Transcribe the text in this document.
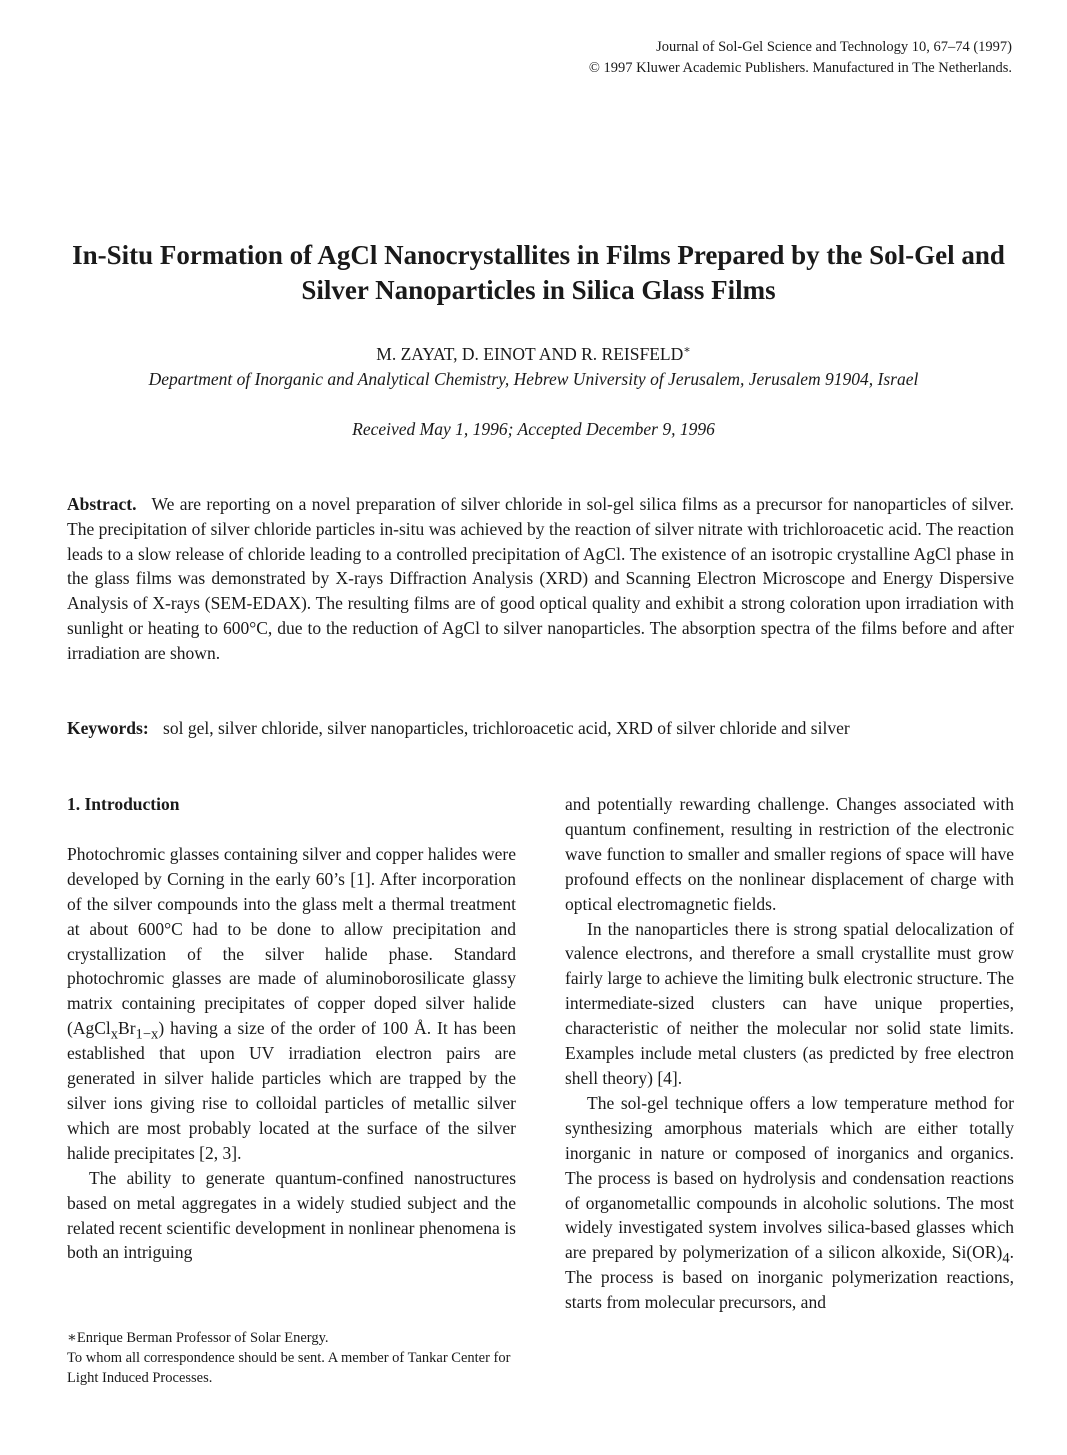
Journal of Sol-Gel Science and Technology 10, 67–74 (1997)
© 1997 Kluwer Academic Publishers. Manufactured in The Netherlands.
In-Situ Formation of AgCl Nanocrystallites in Films Prepared by the Sol-Gel and Silver Nanoparticles in Silica Glass Films
M. ZAYAT, D. EINOT AND R. REISFELD∗
Department of Inorganic and Analytical Chemistry, Hebrew University of Jerusalem, Jerusalem 91904, Israel
Received May 1, 1996; Accepted December 9, 1996
Abstract. We are reporting on a novel preparation of silver chloride in sol-gel silica films as a precursor for nanoparticles of silver. The precipitation of silver chloride particles in-situ was achieved by the reaction of silver nitrate with trichloroacetic acid. The reaction leads to a slow release of chloride leading to a controlled precipitation of AgCl. The existence of an isotropic crystalline AgCl phase in the glass films was demonstrated by X-rays Diffraction Analysis (XRD) and Scanning Electron Microscope and Energy Dispersive Analysis of X-rays (SEM-EDAX). The resulting films are of good optical quality and exhibit a strong coloration upon irradiation with sunlight or heating to 600°C, due to the reduction of AgCl to silver nanoparticles. The absorption spectra of the films before and after irradiation are shown.
Keywords: sol gel, silver chloride, silver nanoparticles, trichloroacetic acid, XRD of silver chloride and silver
1. Introduction

Photochromic glasses containing silver and copper halides were developed by Corning in the early 60’s [1]. After incorporation of the silver compounds into the glass melt a thermal treatment at about 600°C had to be done to allow precipitation and crystallization of the silver halide phase. Standard photochromic glasses are made of aluminoborosilicate glassy matrix containing precipitates of copper doped silver halide $(AgCl_xBr_{1-x})$ having a size of the order of 100 Å. It has been established that upon UV irradiation electron pairs are generated in silver halide particles which are trapped by the silver ions giving rise to colloidal particles of metallic silver which are most probably located at the surface of the silver halide precipitates [2, 3].

The ability to generate quantum-confined nanostructures based on metal aggregates in a widely studied subject and the related recent scientific development in nonlinear phenomena is both an intriguing

and potentially rewarding challenge. Changes associated with quantum confinement, resulting in restriction of the electronic wave function to smaller and smaller regions of space will have profound effects on the nonlinear displacement of charge with optical electromagnetic fields.

In the nanoparticles there is strong spatial delocalization of valence electrons, and therefore a small crystallite must grow fairly large to achieve the limiting bulk electronic structure. The intermediate-sized clusters can have unique properties, characteristic of neither the molecular nor solid state limits. Examples include metal clusters (as predicted by free electron shell theory) [4].

The sol-gel technique offers a low temperature method for synthesizing amorphous materials which are either totally inorganic in nature or composed of inorganics and organics. The process is based on hydrolysis and condensation reactions of organometallic compounds in alcoholic solutions. The most widely investigated system involves silica-based glasses which are prepared by polymerization of a silicon alkoxide, $Si(OR)_4$. The process is based on inorganic polymerization reactions, starts from molecular precursors, and

∗Enrique Berman Professor of Solar Energy.

To whom all correspondence should be sent. A member of Tankar Center for Light Induced Processes.
